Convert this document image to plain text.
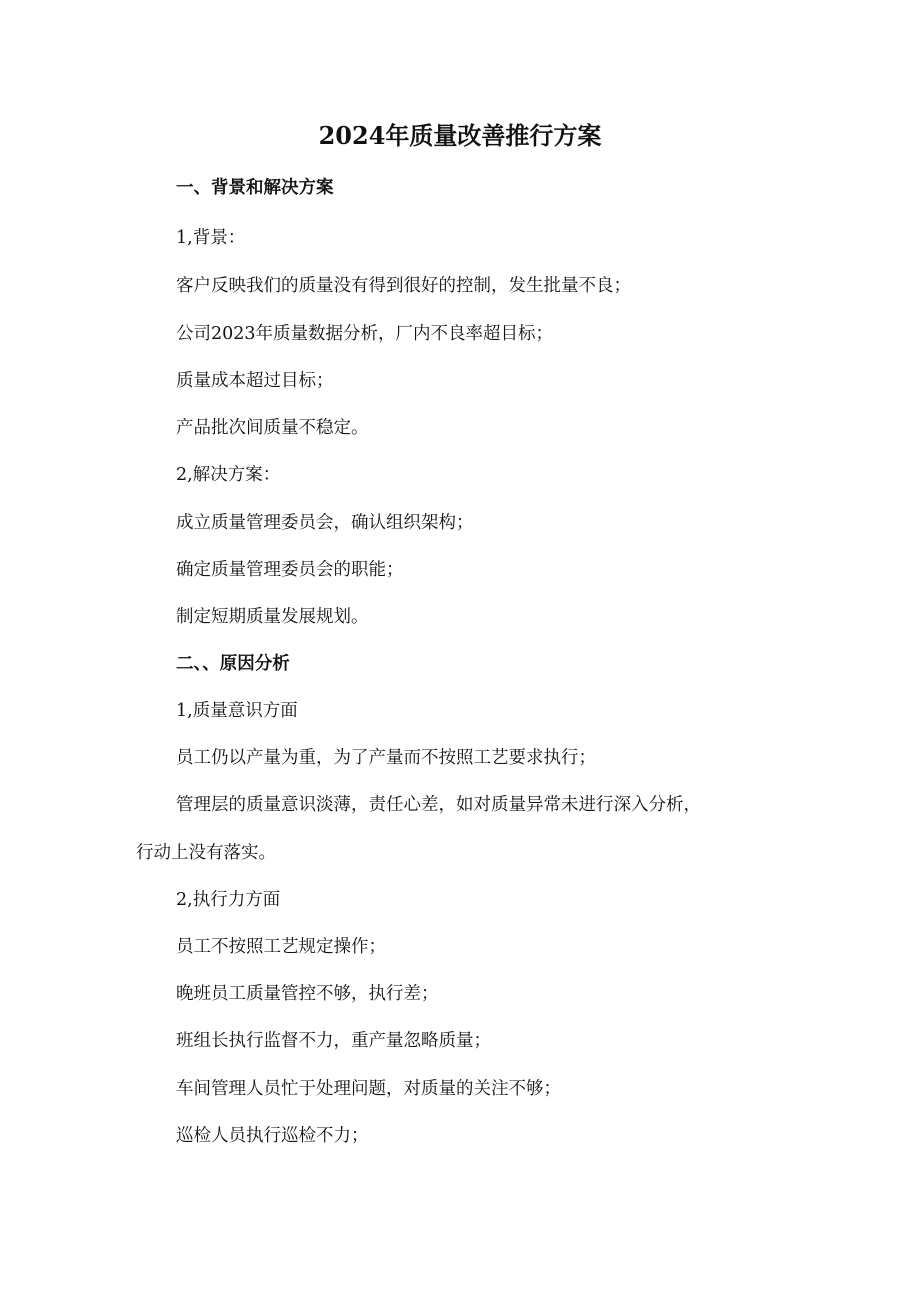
2024年质量改善推行方案
一、背景和解决方案
1,背景：
客户反映我们的质量没有得到很好的控制，发生批量不良；
公司2023年质量数据分析，厂内不良率超目标；
质量成本超过目标；
产品批次间质量不稳定。
2,解决方案：
成立质量管理委员会，确认组织架构；
确定质量管理委员会的职能；
制定短期质量发展规划。
二、、原因分析
1,质量意识方面
员工仍以产量为重，为了产量而不按照工艺要求执行；
管理层的质量意识淡薄，责任心差，如对质量异常未进行深入分析，
行动上没有落实。
2,执行力方面
员工不按照工艺规定操作；
晚班员工质量管控不够，执行差；
班组长执行监督不力，重产量忽略质量；
车间管理人员忙于处理问题，对质量的关注不够；
巡检人员执行巡检不力；
